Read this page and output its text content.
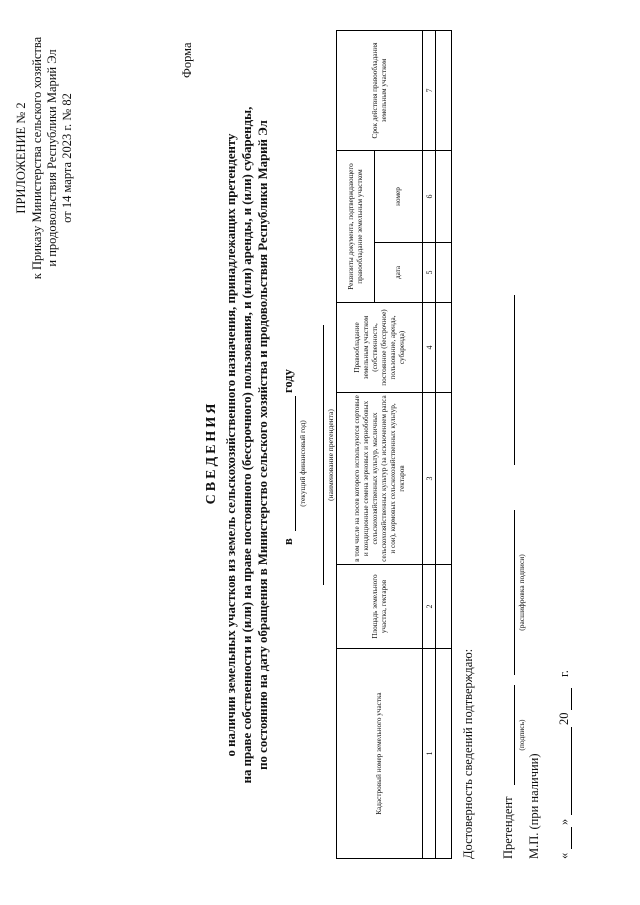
ПРИЛОЖЕНИЕ № 2 к Приказу Министерства сельского хозяйства и продовольствия Республики Марий Эл от 14 марта 2023 г. № 82
Форма
СВЕДЕНИЯ о наличии земельных участков из земель сельскохозяйственного назначения, принадлежащих претенденту на праве собственности и (или) на праве постоянного (бессрочного) пользования, и (или) аренды, и (или) субаренды, по состоянию на дату обращения в Министерство сельского хозяйства и продовольствия Республики Марий Эл в
году
(текущий финансовый год)	(наименование претендента)
Кадастровый номер земельного участка	Площадь земельного участка, гектаров	в том числе на посев которого используются сортовые и кондиционные семена зерновых и зернобобовых сельскохозяйственных культур, масличных сельскохозяйственных культур (за исключением рапса и сои), кормовых сельскохозяйственных культур, гектаров	Правообладание земельным участком (собственность, постоянное (бессрочное) пользование, аренда, субаренда)	Реквизиты документа, подтверждающего правообладание земельным участком		Срок действия правообладания земельным участком
				дата	номер	
1	2	3	4	5	6	7

Достоверность сведений подтверждаю: Претендент
(подпись)
(расшифровка подписи)
М.П. (при наличии) «
»
20
г.
